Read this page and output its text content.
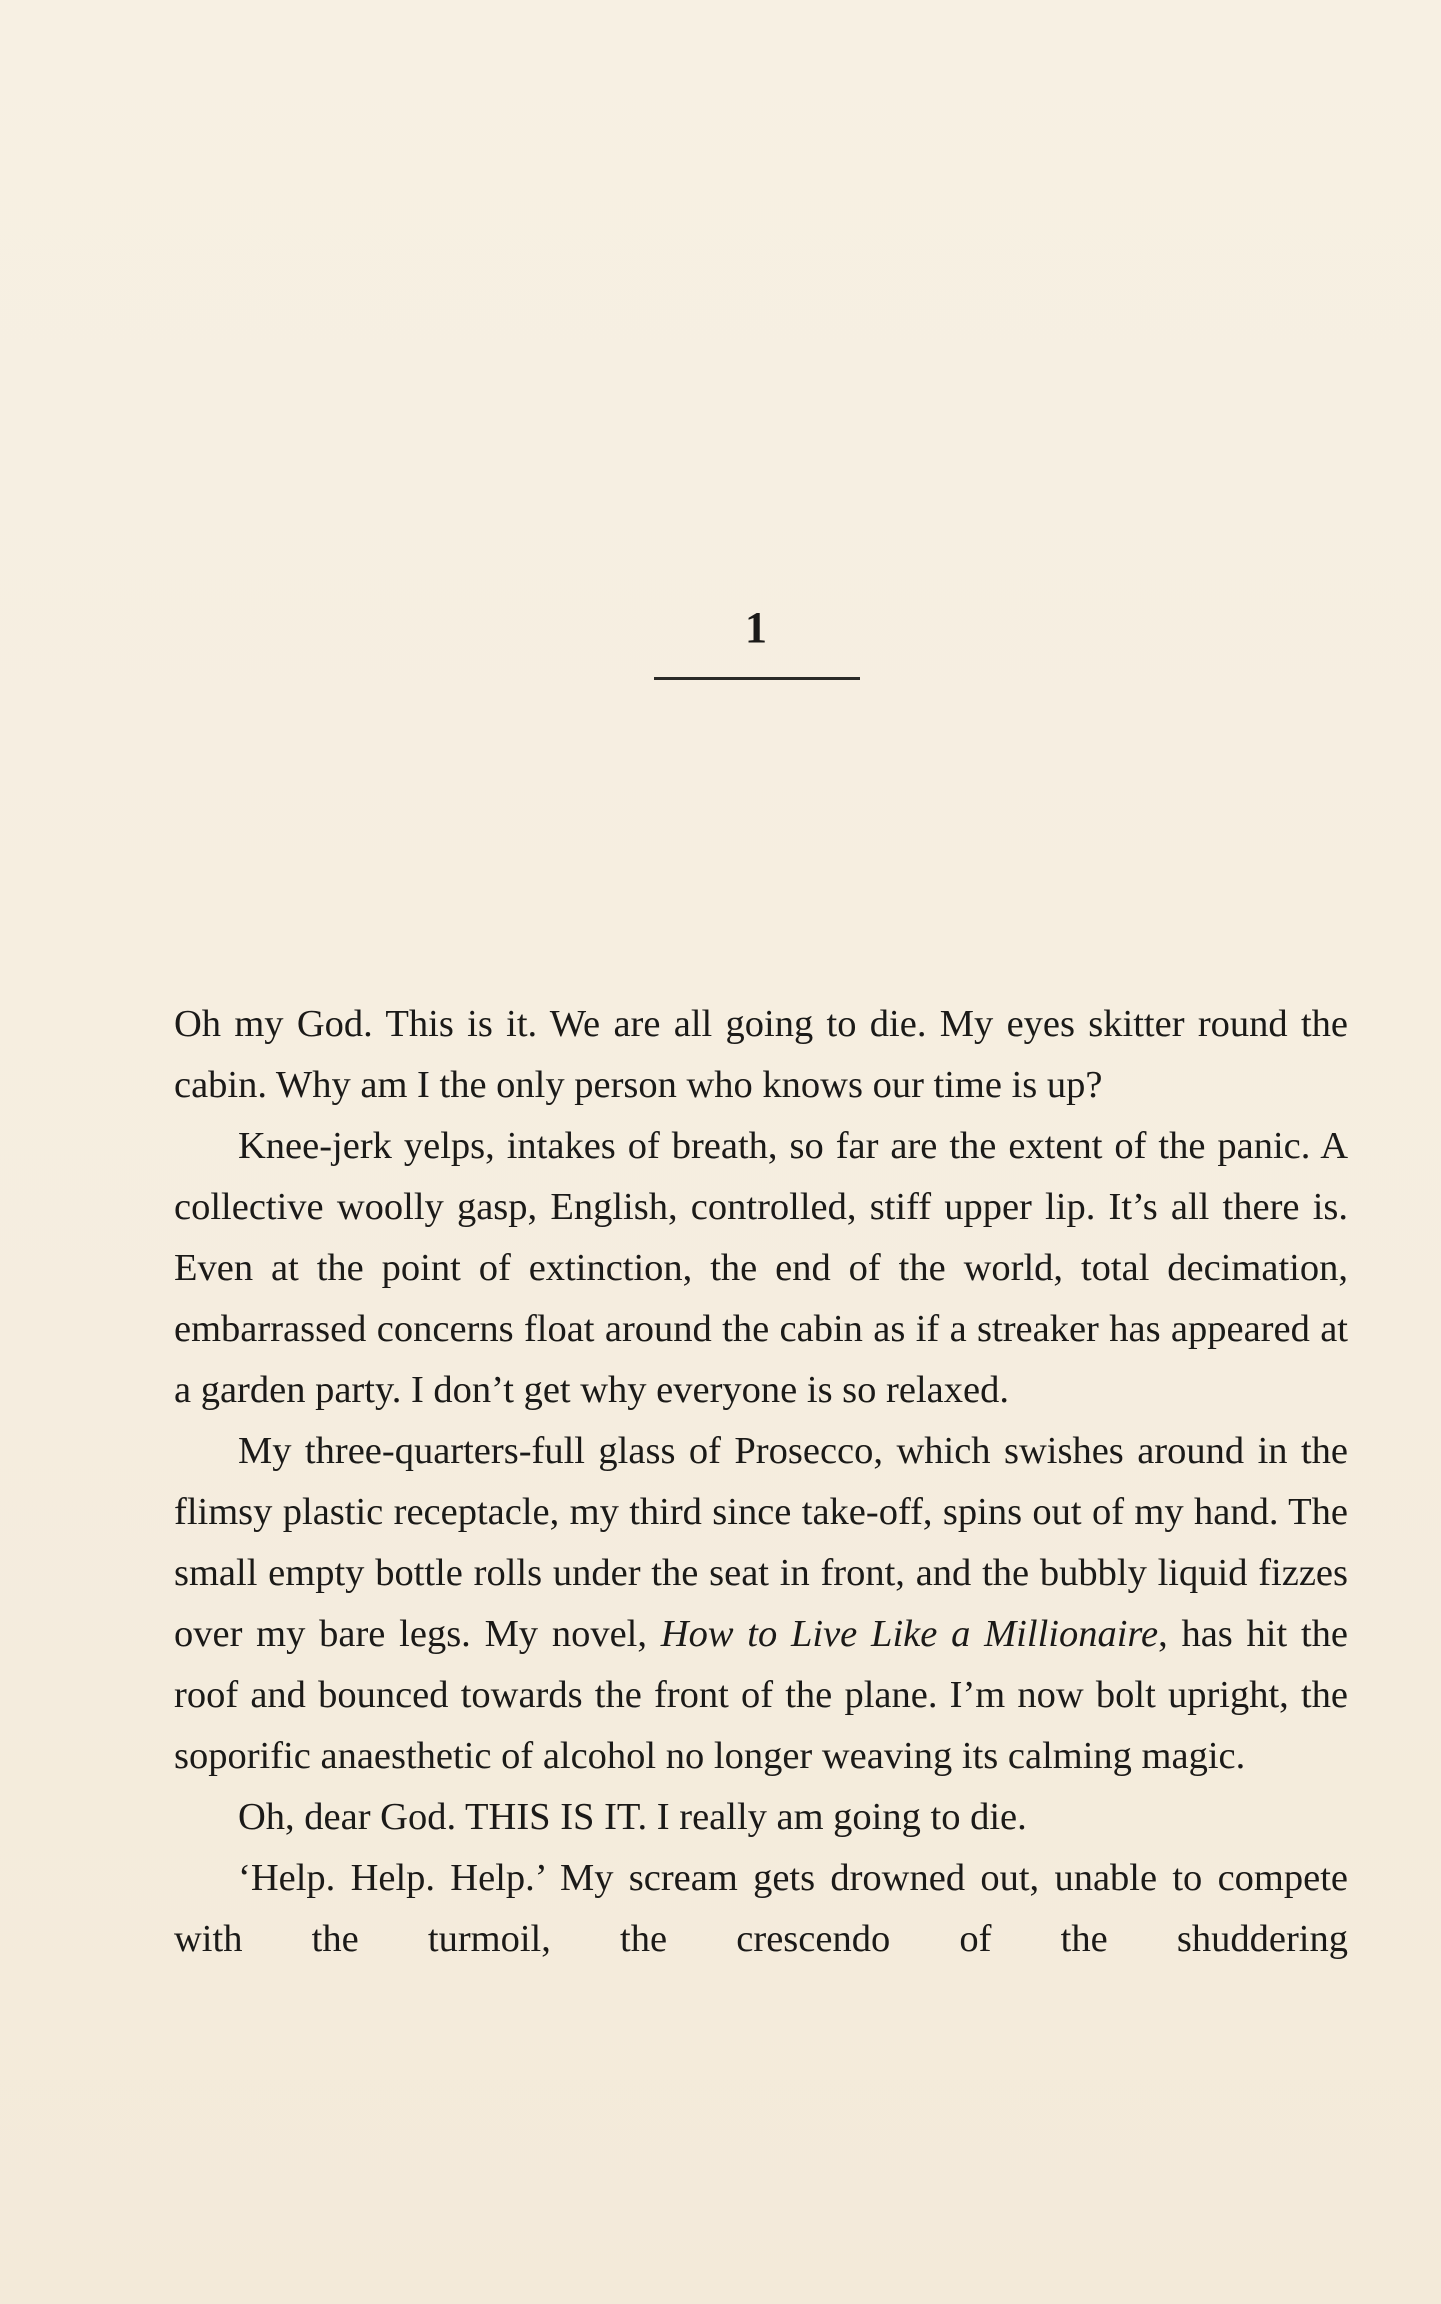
1

Oh my God. This is it. We are all going to die. My eyes skitter round the cabin. Why am I the only person who knows our time is up?

Knee-jerk yelps, intakes of breath, so far are the extent of the panic. A collective woolly gasp, English, controlled, stiff upper lip. It’s all there is. Even at the point of extinction, the end of the world, total decimation, embarrassed concerns float around the cabin as if a streaker has appeared at a garden party. I don’t get why everyone is so relaxed.

My three-quarters-full glass of Prosecco, which swishes around in the flimsy plastic receptacle, my third since take-off, spins out of my hand. The small empty bottle rolls under the seat in front, and the bubbly liquid fizzes over my bare legs. My novel, How to Live Like a Millionaire, has hit the roof and bounced towards the front of the plane. I’m now bolt upright, the soporific anaesthetic of alcohol no longer weaving its calming magic.

Oh, dear God. THIS IS IT. I really am going to die.

‘Help. Help. Help.’ My scream gets drowned out, unable to compete with the turmoil, the crescendo of the shuddering
